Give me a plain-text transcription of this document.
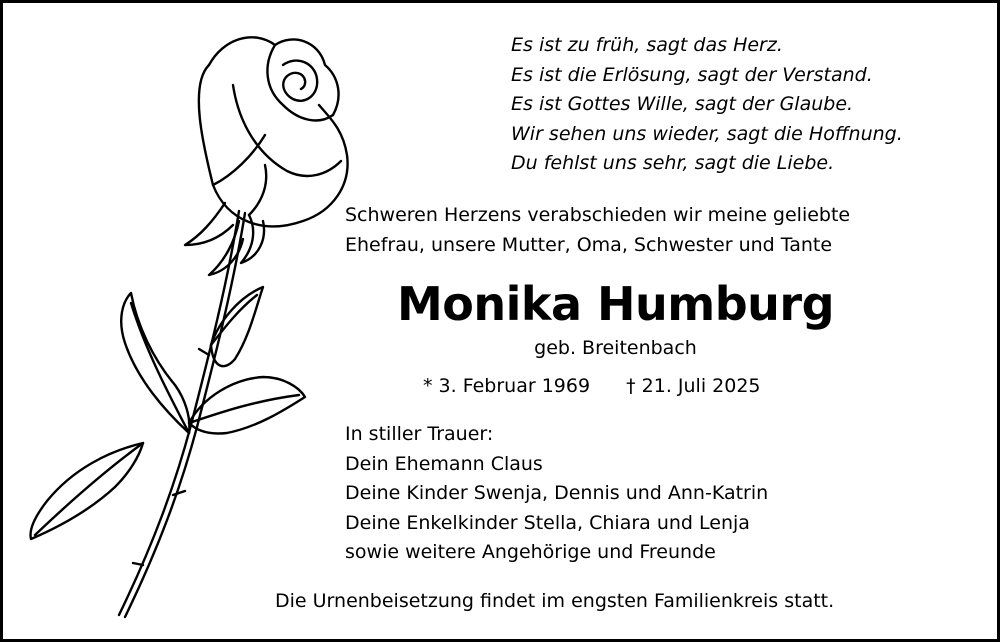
Es ist zu früh, sagt das Herz.
Es ist die Erlösung, sagt der Verstand.
Es ist Gottes Wille, sagt der Glaube.
Wir sehen uns wieder, sagt die Hoffnung.
Du fehlst uns sehr, sagt die Liebe.
Schweren Herzens verabschieden wir meine geliebte
Ehefrau, unsere Mutter, Oma, Schwester und Tante
Monika Humburg
geb. Breitenbach
* 3. Februar 1969 † 21. Juli 2025
In stiller Trauer:
Dein Ehemann Claus
Deine Kinder Swenja, Dennis und Ann-Katrin
Deine Enkelkinder Stella, Chiara und Lenja
sowie weitere Angehörige und Freunde
Die Urnenbeisetzung findet im engsten Familienkreis statt.
